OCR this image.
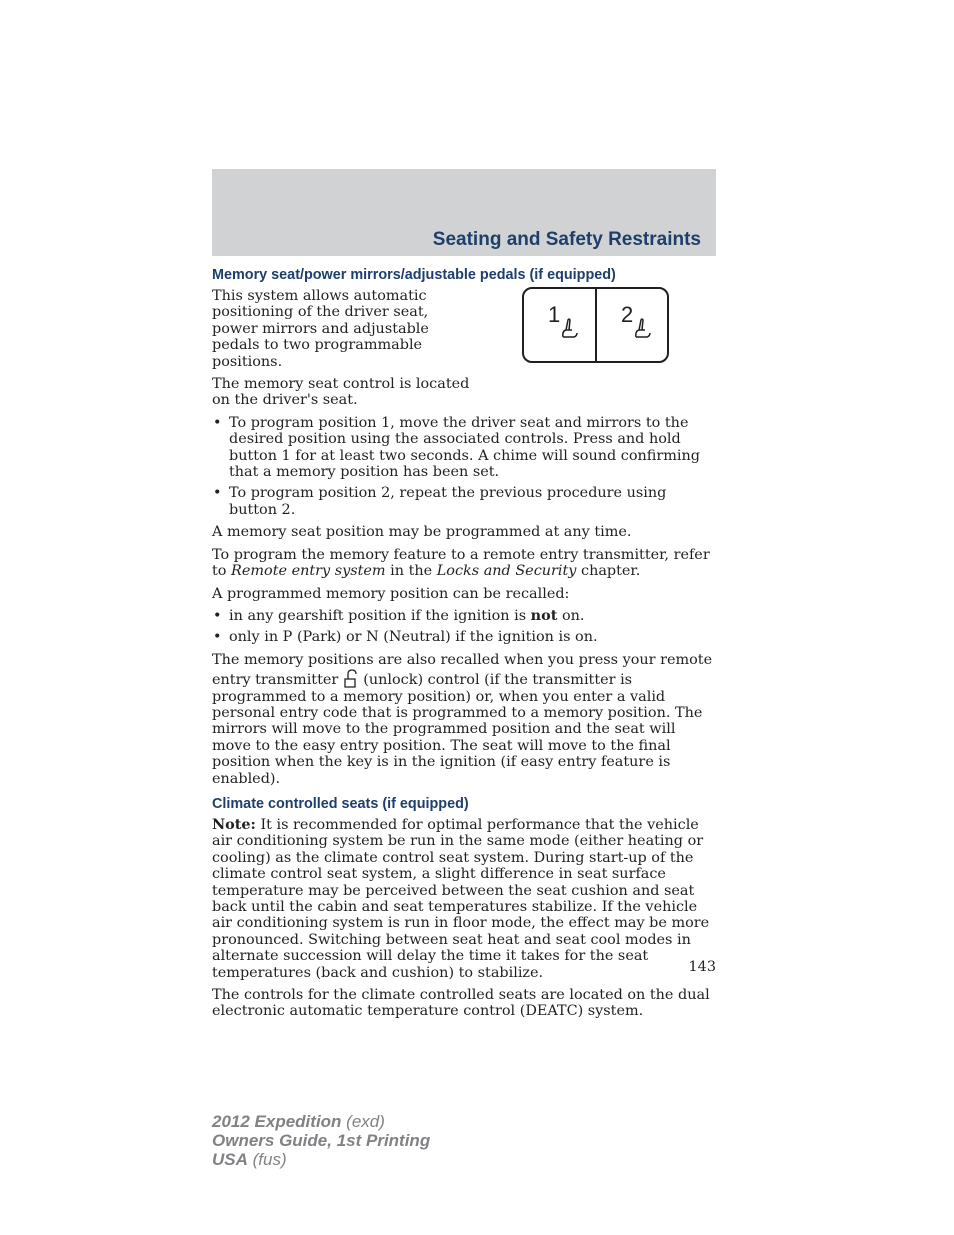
Seating and Safety Restraints
Memory seat/power mirrors/adjustable pedals (if equipped)

This system allows automatic positioning of the driver seat, power mirrors and adjustable pedals to two programmable positions.

The memory seat control is located on the driver's seat.

1	2
• To program position 1, move the driver seat and mirrors to the desired position using the associated controls. Press and hold button 1 for at least two seconds. A chime will sound confirming that a memory position has been set.
• To program position 2, repeat the previous procedure using button 2.

A memory seat position may be programmed at any time.

To program the memory feature to a remote entry transmitter, refer to Remote entry system in the Locks and Security chapter.

A programmed memory position can be recalled:

• in any gearshift position if the ignition is not on.
• only in P (Park) or N (Neutral) if the ignition is on.

The memory positions are also recalled when you press your remote entry transmitter (unlock) control (if the transmitter is programmed to a memory position) or, when you enter a valid personal entry code that is programmed to a memory position. The mirrors will move to the programmed position and the seat will move to the easy entry position. The seat will move to the final position when the key is in the ignition (if easy entry feature is enabled).

Climate controlled seats (if equipped)

Note: It is recommended for optimal performance that the vehicle air conditioning system be run in the same mode (either heating or cooling) as the climate control seat system. During start-up of the climate control seat system, a slight difference in seat surface temperature may be perceived between the seat cushion and seat back until the cabin and seat temperatures stabilize. If the vehicle air conditioning system is run in floor mode, the effect may be more pronounced. Switching between seat heat and seat cool modes in alternate succession will delay the time it takes for the seat temperatures (back and cushion) to stabilize.

The controls for the climate controlled seats are located on the dual electronic automatic temperature control (DEATC) system.

143
2012 Expedition (exd)
Owners Guide, 1st Printing
USA (fus)
